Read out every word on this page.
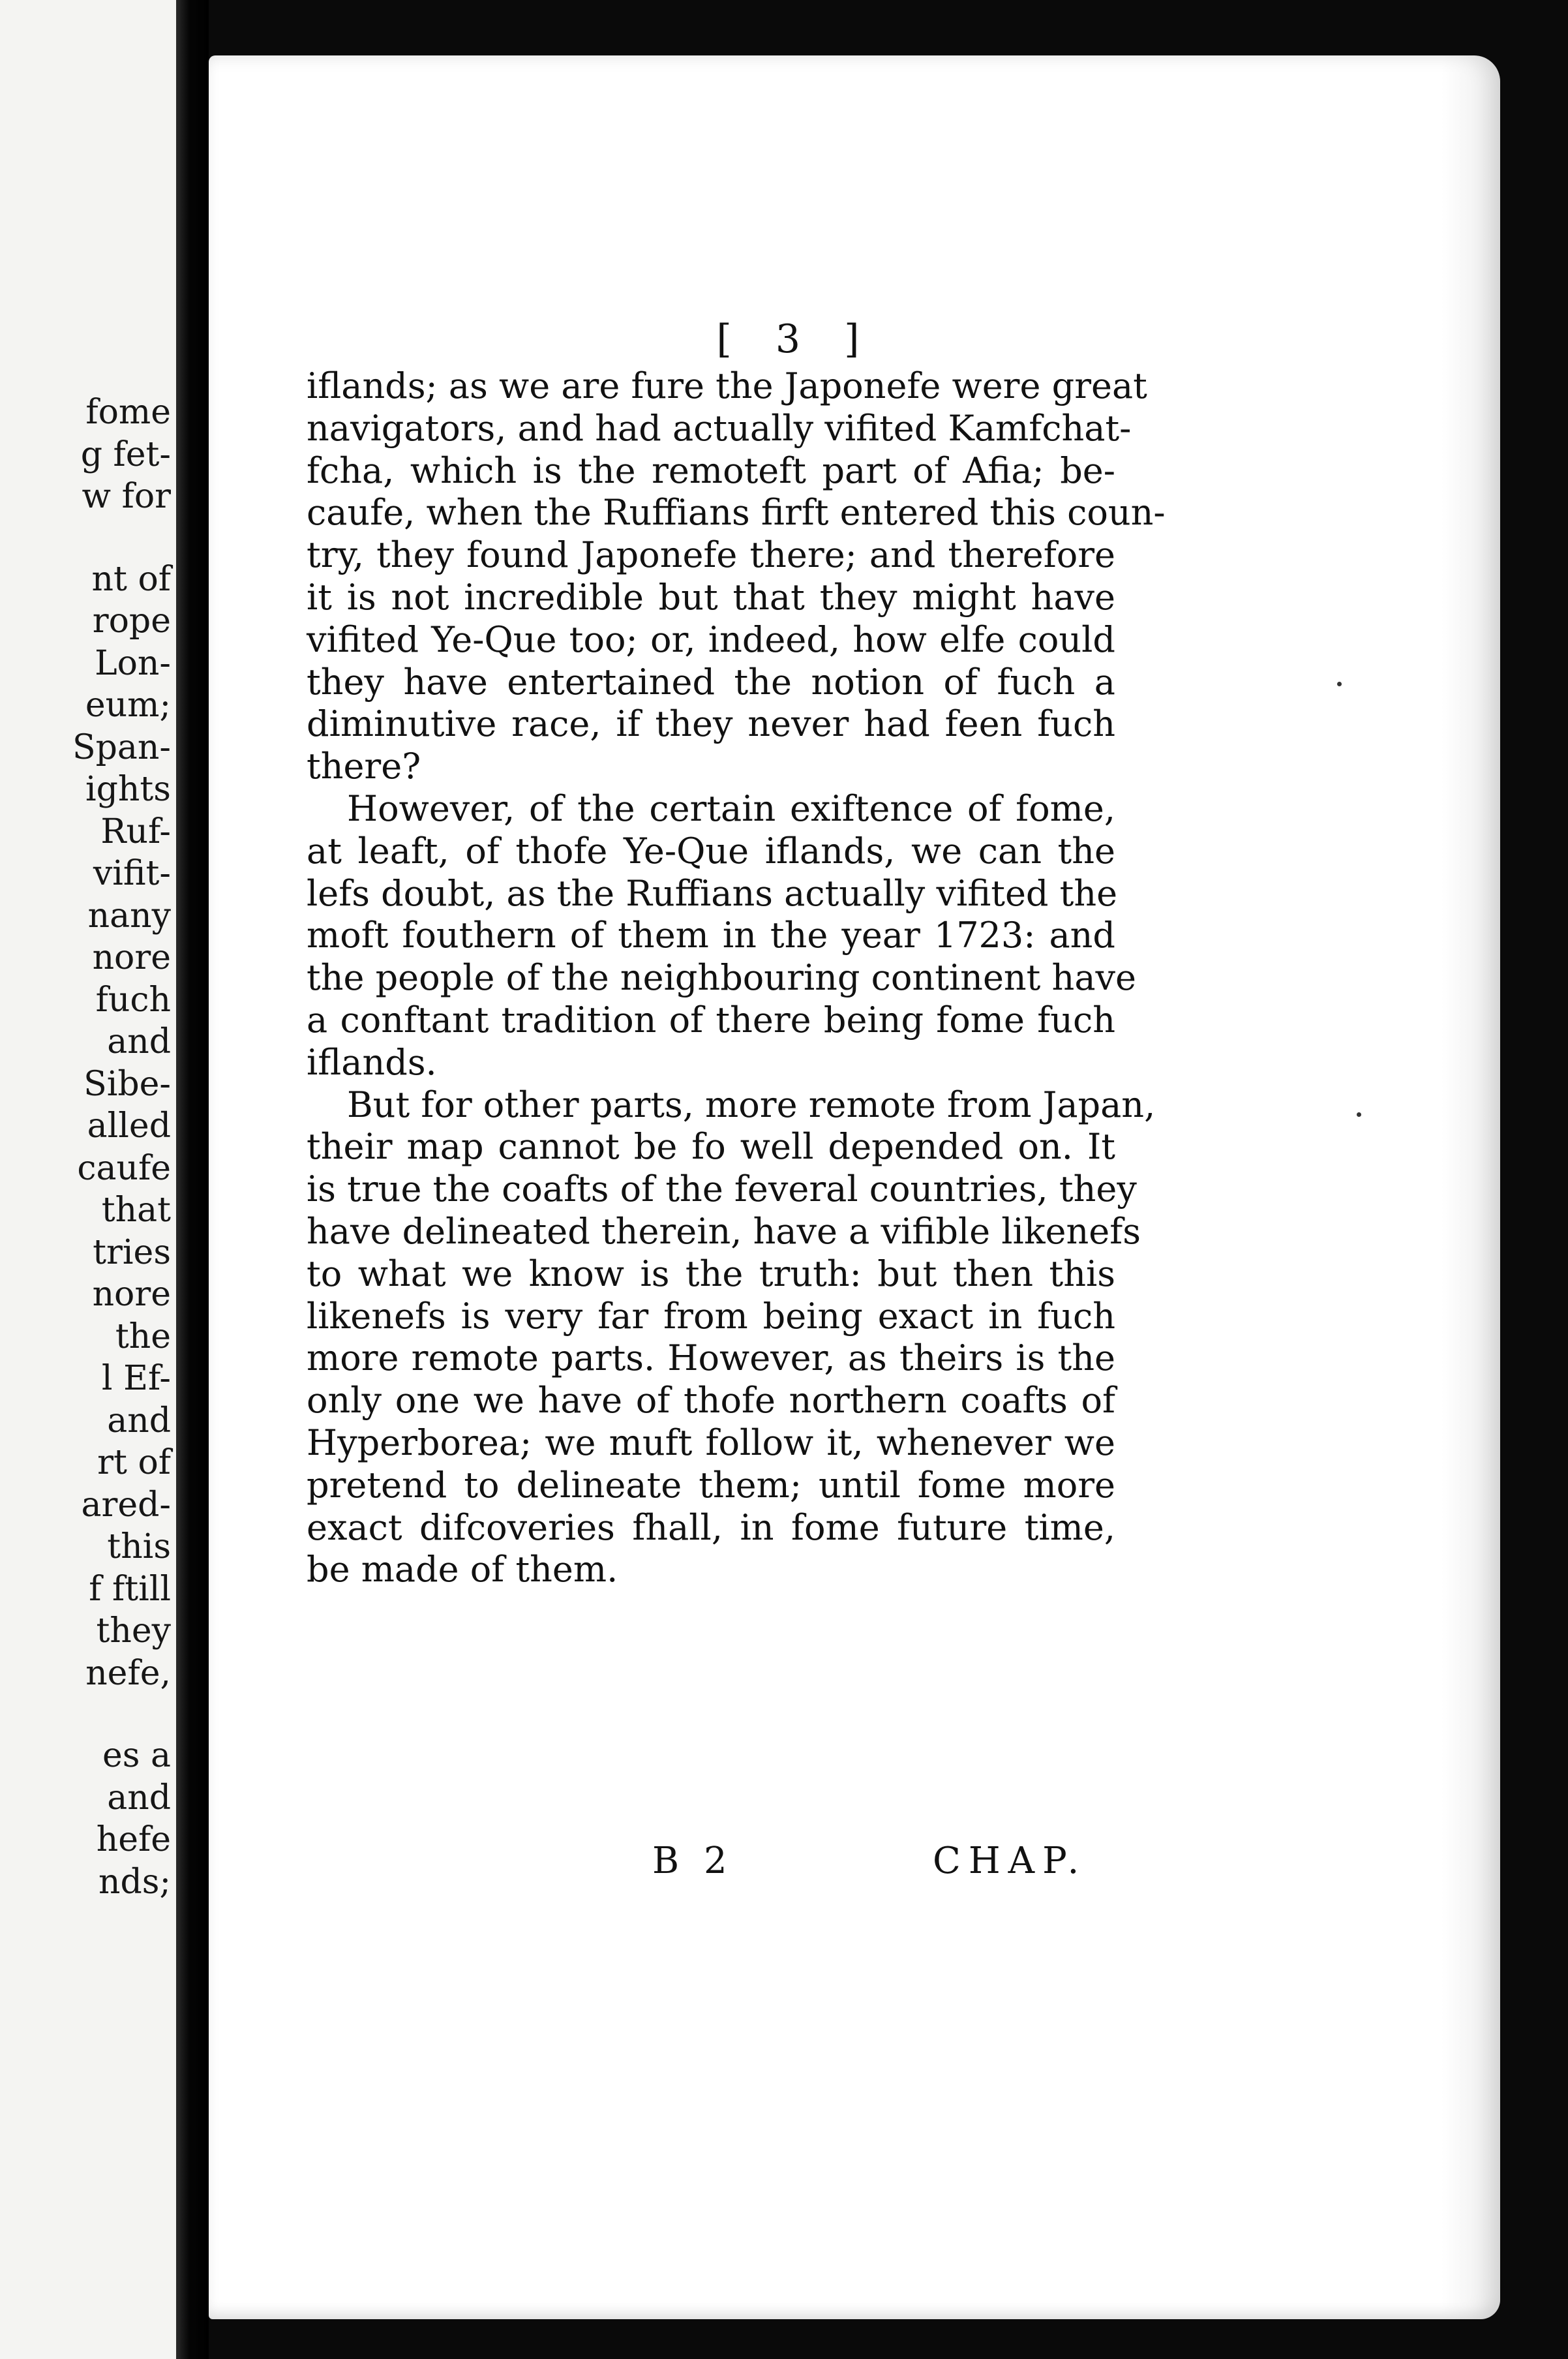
fome
g fet-
w for
nt of
rope
Lon-
eum;
Span-
ights
Ruf-
vifit-
nany
nore
fuch
and
Sibe-
alled
caufe
that
tries
nore
the
l Ef-
and
rt of
ared-
this
f ftill
they
nefe,
es a
and
hefe
nds;
[ 3 ]
iflands; as we are fure the Japonefe were great
navigators, and had actually vifited Kamfchat-
fcha, which is the remoteft part of Afia; be-
caufe, when the Ruffians firft entered this coun-
try, they found Japonefe there; and therefore
it is not incredible but that they might have
vifited Ye-Que too; or, indeed, how elfe could
they have entertained the notion of fuch a
diminutive race, if they never had feen fuch
there?
However, of the certain exiftence of fome,
at leaft, of thofe Ye-Que iflands, we can the
lefs doubt, as the Ruffians actually vifited the
moft fouthern of them in the year 1723: and
the people of the neighbouring continent have
a conftant tradition of there being fome fuch
iflands.
But for other parts, more remote from Japan,
their map cannot be fo well depended on. It
is true the coafts of the feveral countries, they
have delineated therein, have a vifible likenefs
to what we know is the truth: but then this
likenefs is very far from being exact in fuch
more remote parts. However, as theirs is the
only one we have of thofe northern coafts of
Hyperborea; we muft follow it, whenever we
pretend to delineate them; until fome more
exact difcoveries fhall, in fome future time,
be made of them.
B 2	CHAP.
